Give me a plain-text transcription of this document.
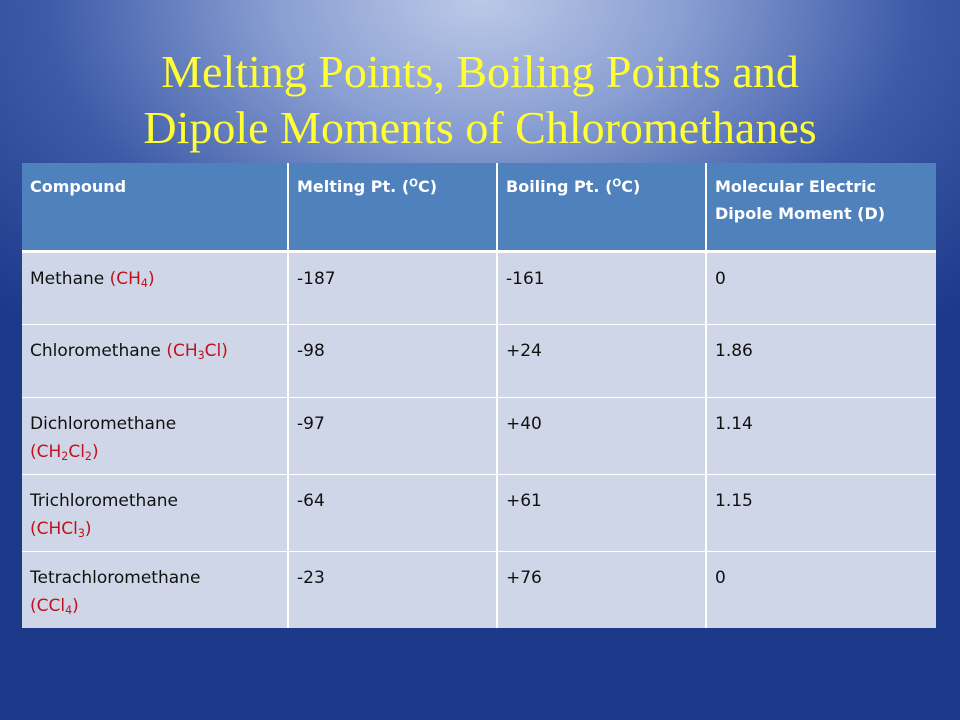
Melting Points, Boiling Points and
Dipole Moments of Chloromethanes
Compound	Melting Pt. ($^O$C)	Boiling Pt. ($^O$C)	Molecular Electric Dipole Moment (D)
Methane $(CH_4)$	-187	-161	0
Chloromethane $(CH_3Cl)$	-98	+24	1.86
Dichloromethane
$(CH_2Cl_2)$	-97	+40	1.14
Trichloromethane
(CHCl$_3$)	-64	+61	1.15
Tetrachloromethane
(CCl$_4$)	-23	+76	0
